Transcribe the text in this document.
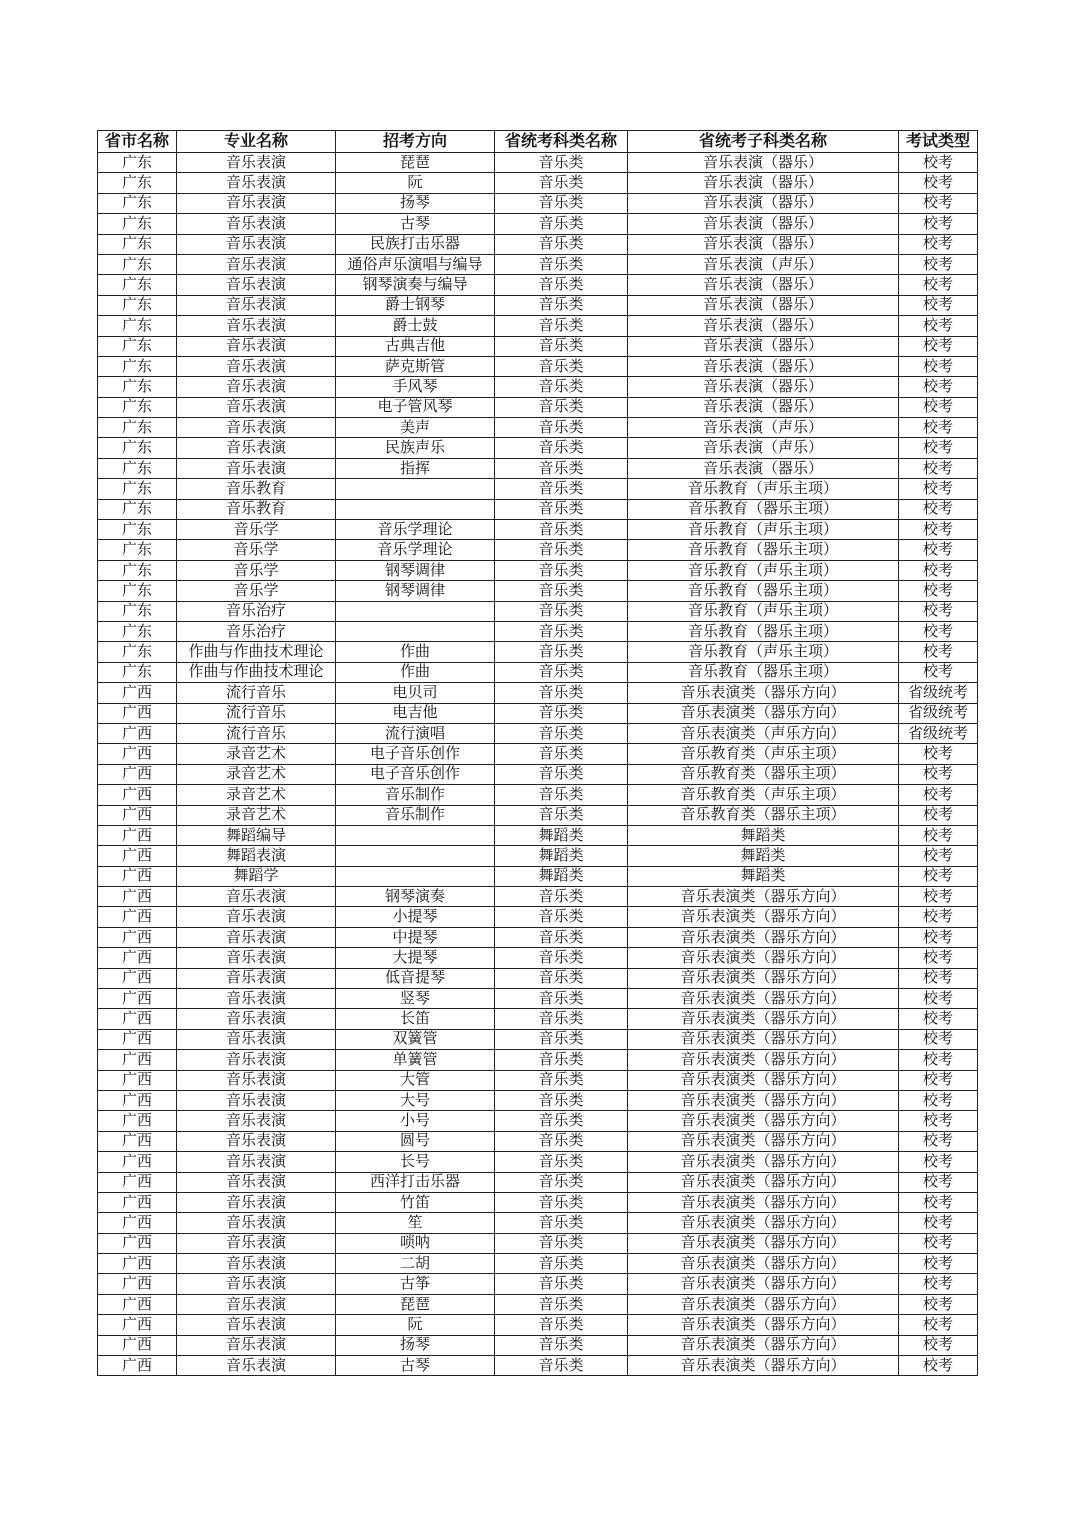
省市名称	专业名称	招考方向	省统考科类名称	省统考子科类名称	考试类型
广东	音乐表演	琵琶	音乐类	音乐表演（器乐）	校考
广东	音乐表演	阮	音乐类	音乐表演（器乐）	校考
广东	音乐表演	扬琴	音乐类	音乐表演（器乐）	校考
广东	音乐表演	古琴	音乐类	音乐表演（器乐）	校考
广东	音乐表演	民族打击乐器	音乐类	音乐表演（器乐）	校考
广东	音乐表演	通俗声乐演唱与编导	音乐类	音乐表演（声乐）	校考
广东	音乐表演	钢琴演奏与编导	音乐类	音乐表演（器乐）	校考
广东	音乐表演	爵士钢琴	音乐类	音乐表演（器乐）	校考
广东	音乐表演	爵士鼓	音乐类	音乐表演（器乐）	校考
广东	音乐表演	古典吉他	音乐类	音乐表演（器乐）	校考
广东	音乐表演	萨克斯管	音乐类	音乐表演（器乐）	校考
广东	音乐表演	手风琴	音乐类	音乐表演（器乐）	校考
广东	音乐表演	电子管风琴	音乐类	音乐表演（器乐）	校考
广东	音乐表演	美声	音乐类	音乐表演（声乐）	校考
广东	音乐表演	民族声乐	音乐类	音乐表演（声乐）	校考
广东	音乐表演	指挥	音乐类	音乐表演（器乐）	校考
广东	音乐教育		音乐类	音乐教育（声乐主项）	校考
广东	音乐教育		音乐类	音乐教育（器乐主项）	校考
广东	音乐学	音乐学理论	音乐类	音乐教育（声乐主项）	校考
广东	音乐学	音乐学理论	音乐类	音乐教育（器乐主项）	校考
广东	音乐学	钢琴调律	音乐类	音乐教育（声乐主项）	校考
广东	音乐学	钢琴调律	音乐类	音乐教育（器乐主项）	校考
广东	音乐治疗		音乐类	音乐教育（声乐主项）	校考
广东	音乐治疗		音乐类	音乐教育（器乐主项）	校考
广东	作曲与作曲技术理论	作曲	音乐类	音乐教育（声乐主项）	校考
广东	作曲与作曲技术理论	作曲	音乐类	音乐教育（器乐主项）	校考
广西	流行音乐	电贝司	音乐类	音乐表演类（器乐方向）	省级统考
广西	流行音乐	电吉他	音乐类	音乐表演类（器乐方向）	省级统考
广西	流行音乐	流行演唱	音乐类	音乐表演类（声乐方向）	省级统考
广西	录音艺术	电子音乐创作	音乐类	音乐教育类（声乐主项）	校考
广西	录音艺术	电子音乐创作	音乐类	音乐教育类（器乐主项）	校考
广西	录音艺术	音乐制作	音乐类	音乐教育类（声乐主项）	校考
广西	录音艺术	音乐制作	音乐类	音乐教育类（器乐主项）	校考
广西	舞蹈编导		舞蹈类	舞蹈类	校考
广西	舞蹈表演		舞蹈类	舞蹈类	校考
广西	舞蹈学		舞蹈类	舞蹈类	校考
广西	音乐表演	钢琴演奏	音乐类	音乐表演类（器乐方向）	校考
广西	音乐表演	小提琴	音乐类	音乐表演类（器乐方向）	校考
广西	音乐表演	中提琴	音乐类	音乐表演类（器乐方向）	校考
广西	音乐表演	大提琴	音乐类	音乐表演类（器乐方向）	校考
广西	音乐表演	低音提琴	音乐类	音乐表演类（器乐方向）	校考
广西	音乐表演	竖琴	音乐类	音乐表演类（器乐方向）	校考
广西	音乐表演	长笛	音乐类	音乐表演类（器乐方向）	校考
广西	音乐表演	双簧管	音乐类	音乐表演类（器乐方向）	校考
广西	音乐表演	单簧管	音乐类	音乐表演类（器乐方向）	校考
广西	音乐表演	大管	音乐类	音乐表演类（器乐方向）	校考
广西	音乐表演	大号	音乐类	音乐表演类（器乐方向）	校考
广西	音乐表演	小号	音乐类	音乐表演类（器乐方向）	校考
广西	音乐表演	圆号	音乐类	音乐表演类（器乐方向）	校考
广西	音乐表演	长号	音乐类	音乐表演类（器乐方向）	校考
广西	音乐表演	西洋打击乐器	音乐类	音乐表演类（器乐方向）	校考
广西	音乐表演	竹笛	音乐类	音乐表演类（器乐方向）	校考
广西	音乐表演	笙	音乐类	音乐表演类（器乐方向）	校考
广西	音乐表演	唢呐	音乐类	音乐表演类（器乐方向）	校考
广西	音乐表演	二胡	音乐类	音乐表演类（器乐方向）	校考
广西	音乐表演	古筝	音乐类	音乐表演类（器乐方向）	校考
广西	音乐表演	琵琶	音乐类	音乐表演类（器乐方向）	校考
广西	音乐表演	阮	音乐类	音乐表演类（器乐方向）	校考
广西	音乐表演	扬琴	音乐类	音乐表演类（器乐方向）	校考
广西	音乐表演	古琴	音乐类	音乐表演类（器乐方向）	校考
